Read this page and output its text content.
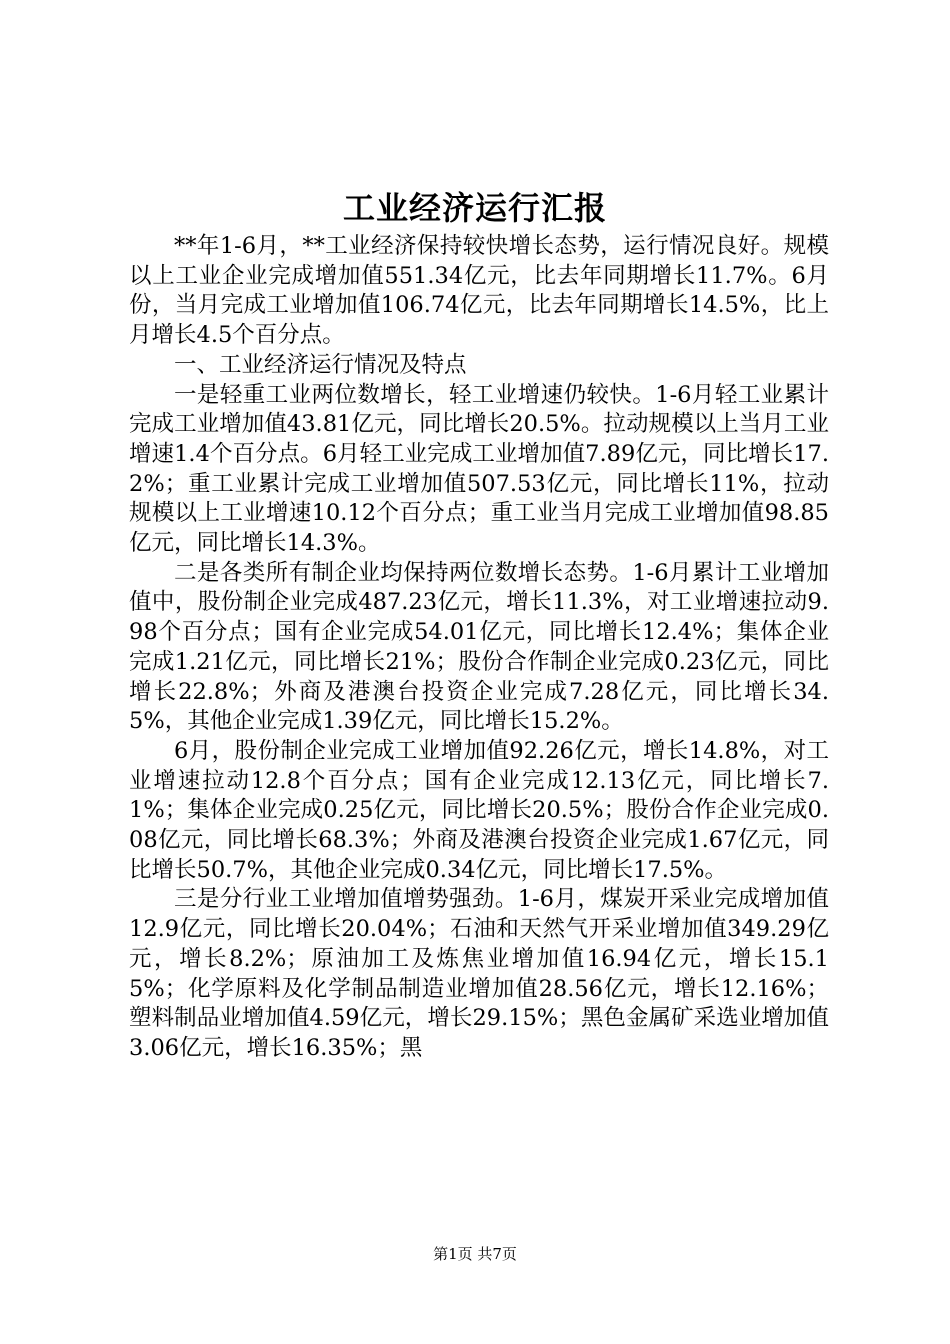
工业经济运行汇报

**年1-6月，**工业经济保持较快增长态势，运行情况良好。规模以上工业企业完成增加值551.34亿元，比去年同期增长11.7%。6月份，当月完成工业增加值106.74亿元，比去年同期增长14.5%，比上月增长4.5个百分点。

一、工业经济运行情况及特点

一是轻重工业两位数增长，轻工业增速仍较快。1-6月轻工业累计完成工业增加值43.81亿元，同比增长20.5%。拉动规模以上当月工业增速1.4个百分点。6月轻工业完成工业增加值7.89亿元，同比增长17.2%；重工业累计完成工业增加值507.53亿元，同比增长11%，拉动规模以上工业增速10.12个百分点；重工业当月完成工业增加值98.85亿元，同比增长14.3%。

二是各类所有制企业均保持两位数增长态势。1-6月累计工业增加值中，股份制企业完成487.23亿元，增长11.3%，对工业增速拉动9.98个百分点；国有企业完成54.01亿元，同比增长12.4%；集体企业完成1.21亿元，同比增长21%；股份合作制企业完成0.23亿元，同比增长22.8%；外商及港澳台投资企业完成7.28亿元，同比增长34.5%，其他企业完成1.39亿元，同比增长15.2%。

6月，股份制企业完成工业增加值92.26亿元，增长14.8%，对工业增速拉动12.8个百分点；国有企业完成12.13亿元，同比增长7.1%；集体企业完成0.25亿元，同比增长20.5%；股份合作企业完成0.08亿元，同比增长68.3%；外商及港澳台投资企业完成1.67亿元，同比增长50.7%，其他企业完成0.34亿元，同比增长17.5%。

三是分行业工业增加值增势强劲。1-6月，煤炭开采业完成增加值12.9亿元，同比增长20.04%；石油和天然气开采业增加值349.29亿元，增长8.2%；原油加工及炼焦业增加值16.94亿元，增长15.15%；化学原料及化学制品制造业增加值28.56亿元，增长12.16%；塑料制品业增加值4.59亿元，增长29.15%；黑色金属矿采选业增加值3.06亿元，增长16.35%；黑

第1页 共7页
